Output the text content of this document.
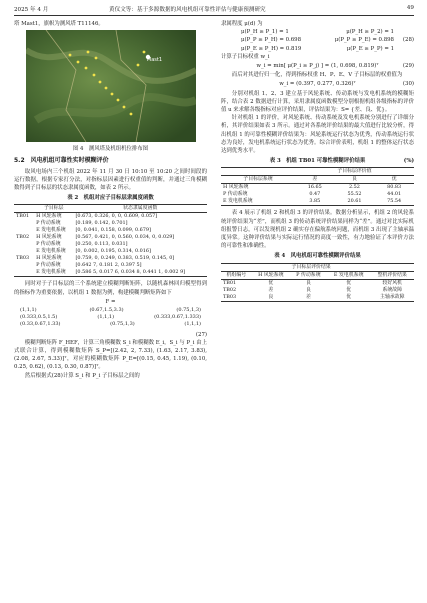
2025 年 4 月	黄仪文等：基于多源数据的风电机组可靠性评估与健康预测研究	49

塔 Mast1，旗帜为测风塔 T11146。

Mast1
图 4　测风塔及机组机位排布图
5.2　风电机组可靠性实时模糊评价

取风电场内三个机组 2022 年 11 月 30 日 10:10 至 10:20 之间时间段的运行数据，根据专家打分法，对指标层因素进行权重值的判断，并通过三角模糊数得到子目标层的状态隶属度函数，如表 2 所示。

表 2　机组对应子目标层隶属度函数
	子目标层	状态隶属度函数
TB01	H 风轮系统	[0.673, 0.326, 0, 0, 0.609, 0.057]
	P 传动系统	[0.189, 0.142, 0.701]
	E 发电机系统	[0, 0.041, 0.158, 0.099, 0.679]
TB02	H 风轮系统	[0.567, 0.421, 0, 0.560, 0.034, 0, 0.029]
	P 传动系统	[0.250, 0.113, 0.031]
	E 发电机系统	[0, 0.002, 0.195, 0.314, 0.016]
TB03	H 风轮系统	[0.759, 0, 0.249, 0.383, 0.519, 0.145, 0]
	P 传动系统	[0.642 7, 0.181 2, 0.397 5]
	E 发电机系统	[0.586 5, 0.017 6, 0.034 8, 0.441 1, 0.002 9]

同时对于子目标层的三个系统建立模糊判断矩阵，以随机森林回归模型得到的指标作为重要依据，以机组 1 数据为例，构建模糊判断矩阵如下

F =
(1,1,1)	(0.67,1.5,3.3)	(0.75,1,3)
(0.333,0.5,1.5)	(1,1,1)	(0.333,0.67,1.333)
(0.33,0.67,1.33)	(0.75,1,3)	(1,1,1)
(27)

模糊判断矩阵 F_HEF，计算三角模糊数 S_i 和模糊数 E_i，S_i 与 P_i 由上式联合计算，得到模糊数矩阵 S_P=[(2.42, 2, 7.33), (1.63, 2.17, 3.83), (2.08, 2.67, 5.33)]ᵀ，对应的模糊数矩阵 P_E=[(0.15, 0.45, 1.19), (0.10, 0.25, 0.62), (0.13, 0.30, 0.87)]ᵀ。

然后根据式(28)计算 S_i 和 P_i 子目标层之间的

隶属程度 μ(d) 为

μ(P_H ≥ P_1) = 1	μ(P_H ≥ P_2) = 1
μ(P_P ≥ P_H) = 0.698	μ(P_P ≥ P_E) = 0.898
μ(P_E ≥ P_H) = 0.819	μ(P_E ≥ P_P) = 1
(28)

计算子目标权重 w_i

w_i = min[ μ(P_i ≥ P_j) ] = (1, 0.698, 0.819)ᵀ	(29)

而后对其进行归一化，得到指标权重 H、P、E、V 子目标层的权重值为

w_i = (0.397, 0.277, 0.326)ᵀ	(30)

分别对机组 1、2、3 建立基于风轮系统、传动系统与发电机系统的模糊矩阵，结合表 2 数据进行计算，采用隶属度函数模型分别根据机组各级指标的评价值 u 来求解各级指标对应评价结果，评估结果为：S= {差、良、优}。

针对机组 1 的评价，对风轮系统、传动系统及发电机系统分别进行了详细分析，其评价结果如表 3 所示。通过对各系统评价结果的最大值进行比较分析，得出机组 1 的可靠性模糊评价结果为：风轮系统运行状态为优秀，传动系统运行状态为良好，发电机系统运行状态为优秀。综合评价表明，机组 1 的整体运行状态达到优秀水平。

表 3　机组 TB01 可靠性模糊评价结果	(%)
	子目标层评价值		
子目标层系统	差	良	优
H 风轮系统	16.65	2.52	80.83
P 传动系统	0.47	55.52	44.01
E 发电机系统	3.85	20.61	75.54

表 4 展示了机组 2 和机组 3 的评价结果。数据分析显示，机组 2 的风轮系统评价结果为“差”，而机组 3 的传动系统评价结果同样为“差”。通过对比实际机组报警日志，可以发现机组 2 确实存在偏航系统问题，而机组 3 出现了主轴承温度异常。这种评价结果与实际运行情况的高度一致性，有力地验证了本评价方法的可靠性和准确性。

表 4　风电机组可靠性模糊评价结果
	子目标层评价结果			
机组编号	H 风轮系统	P 传动系统	E 发电机系统	整机评价结果
TB01	优	良	优	较好风机
TB02	差	良	优	系统故障
TB03	良	差	优	主轴承故障
